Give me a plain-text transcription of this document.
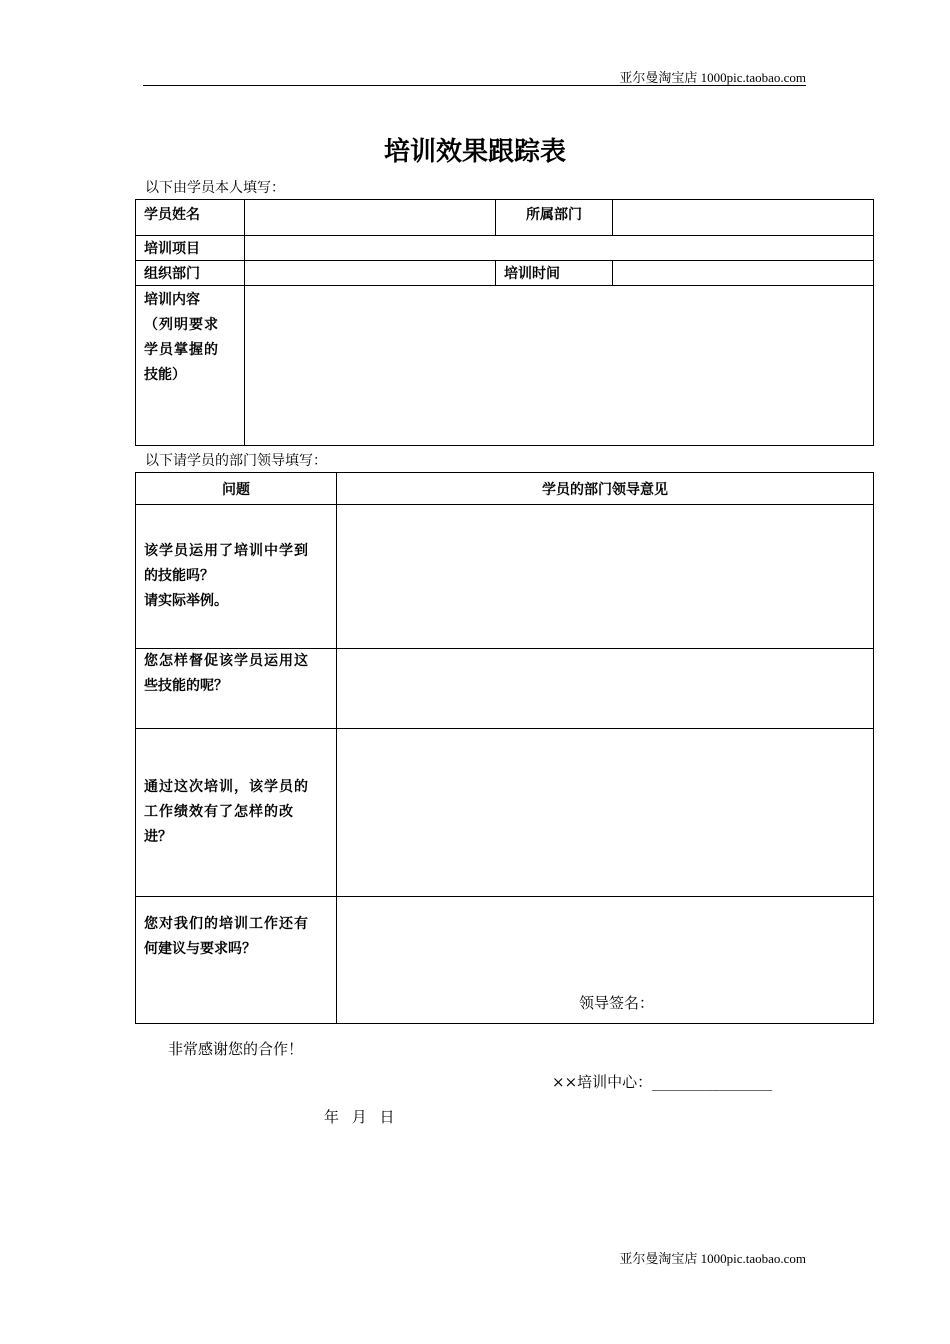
亚尔曼淘宝店 1000pic.taobao.com
培训效果跟踪表
以下由学员本人填写：
学员姓名		所属部门	
培训项目			
组织部门		培训时间	

培训内容
（列明要求
学员掌握的
技能）			

以下请学员的部门领导填写：
问题	学员的部门领导意见

该学员运用了培训中学到
的技能吗？
请实际举例。	

您怎样督促该学员运用这
些技能的呢？	

通过这次培训，该学员的
工作绩效有了怎样的改
进？	

您对我们的培训工作还有
何建议与要求吗？	领导签名：
非常感谢您的合作！
××培训中心：________________
年 月 日
亚尔曼淘宝店 1000pic.taobao.com
